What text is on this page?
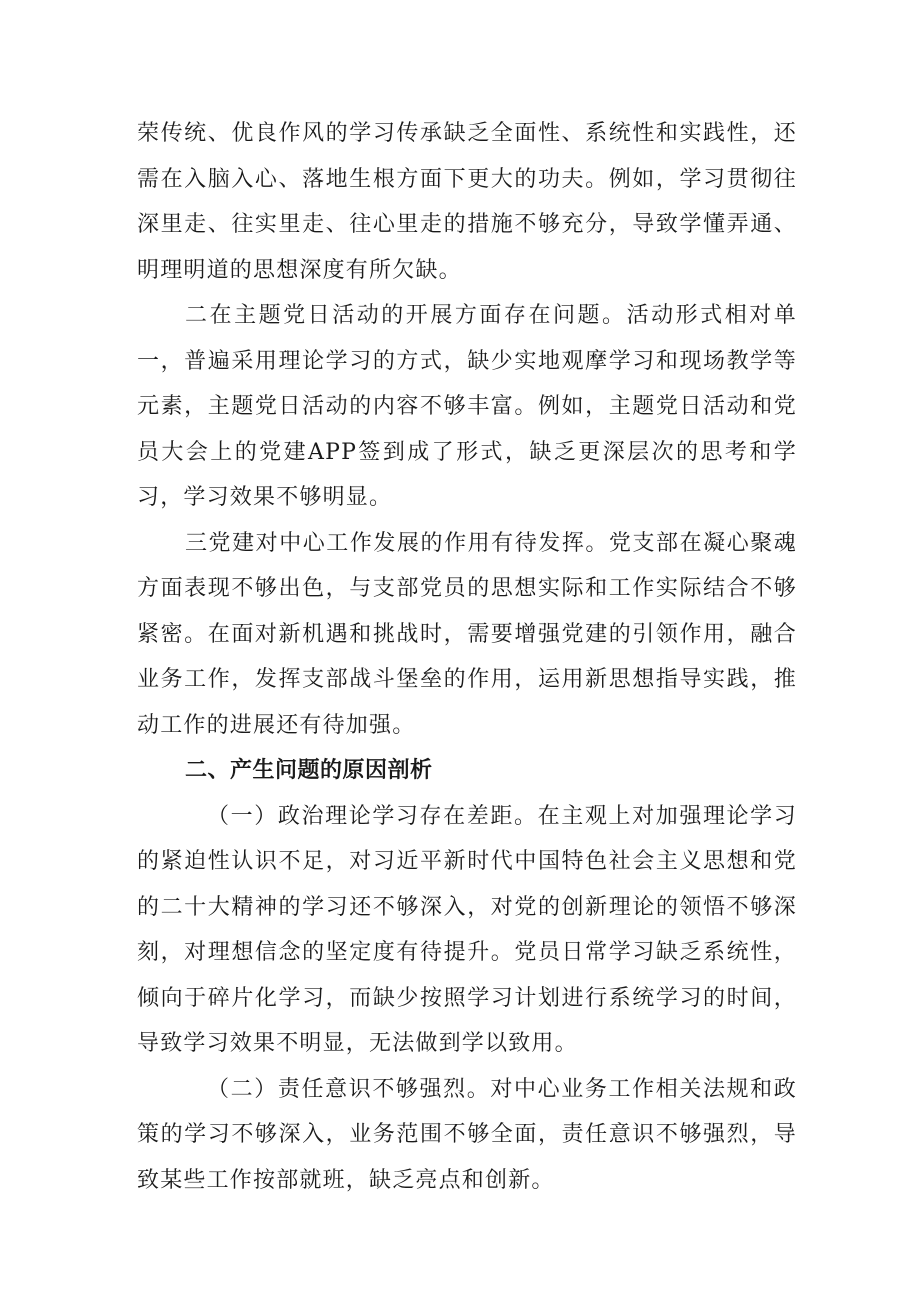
荣传统、优良作风的学习传承缺乏全面性、系统性和实践性，还需在入脑入心、落地生根方面下更大的功夫。例如，学习贯彻往深里走、往实里走、往心里走的措施不够充分，导致学懂弄通、明理明道的思想深度有所欠缺。

二在主题党日活动的开展方面存在问题。活动形式相对单一，普遍采用理论学习的方式，缺少实地观摩学习和现场教学等元素，主题党日活动的内容不够丰富。例如，主题党日活动和党员大会上的党建APP签到成了形式，缺乏更深层次的思考和学习，学习效果不够明显。

三党建对中心工作发展的作用有待发挥。党支部在凝心聚魂方面表现不够出色，与支部党员的思想实际和工作实际结合不够紧密。在面对新机遇和挑战时，需要增强党建的引领作用，融合业务工作，发挥支部战斗堡垒的作用，运用新思想指导实践，推动工作的进展还有待加强。

二、产生问题的原因剖析

（一）政治理论学习存在差距。在主观上对加强理论学习的紧迫性认识不足，对习近平新时代中国特色社会主义思想和党的二十大精神的学习还不够深入，对党的创新理论的领悟不够深刻，对理想信念的坚定度有待提升。党员日常学习缺乏系统性，倾向于碎片化学习，而缺少按照学习计划进行系统学习的时间，导致学习效果不明显，无法做到学以致用。

（二）责任意识不够强烈。对中心业务工作相关法规和政策的学习不够深入，业务范围不够全面，责任意识不够强烈，导致某些工作按部就班，缺乏亮点和创新。
